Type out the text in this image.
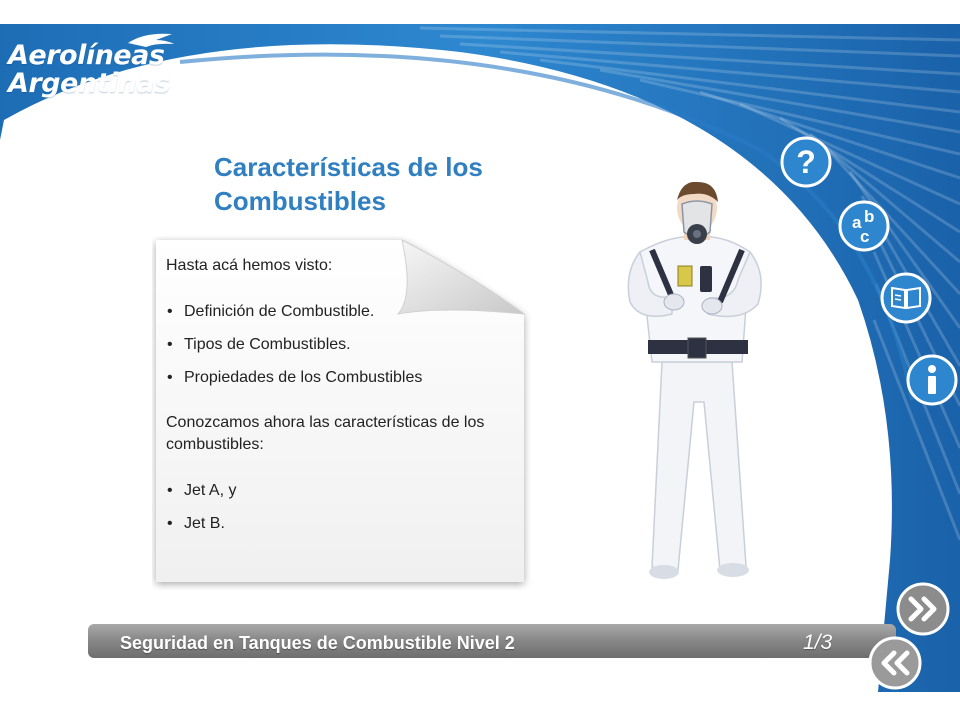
Aerolíneas
Argentinas
Características de los Combustibles

Hasta acá hemos visto:

• Definición de Combustible.
• Tipos de Combustibles.
• Propiedades de los Combustibles

Conozcamos ahora las características de los combustibles:

• Jet A, y
• Jet B.
?
a b
c
Seguridad en Tanques de Combustible Nivel 2	1/3
